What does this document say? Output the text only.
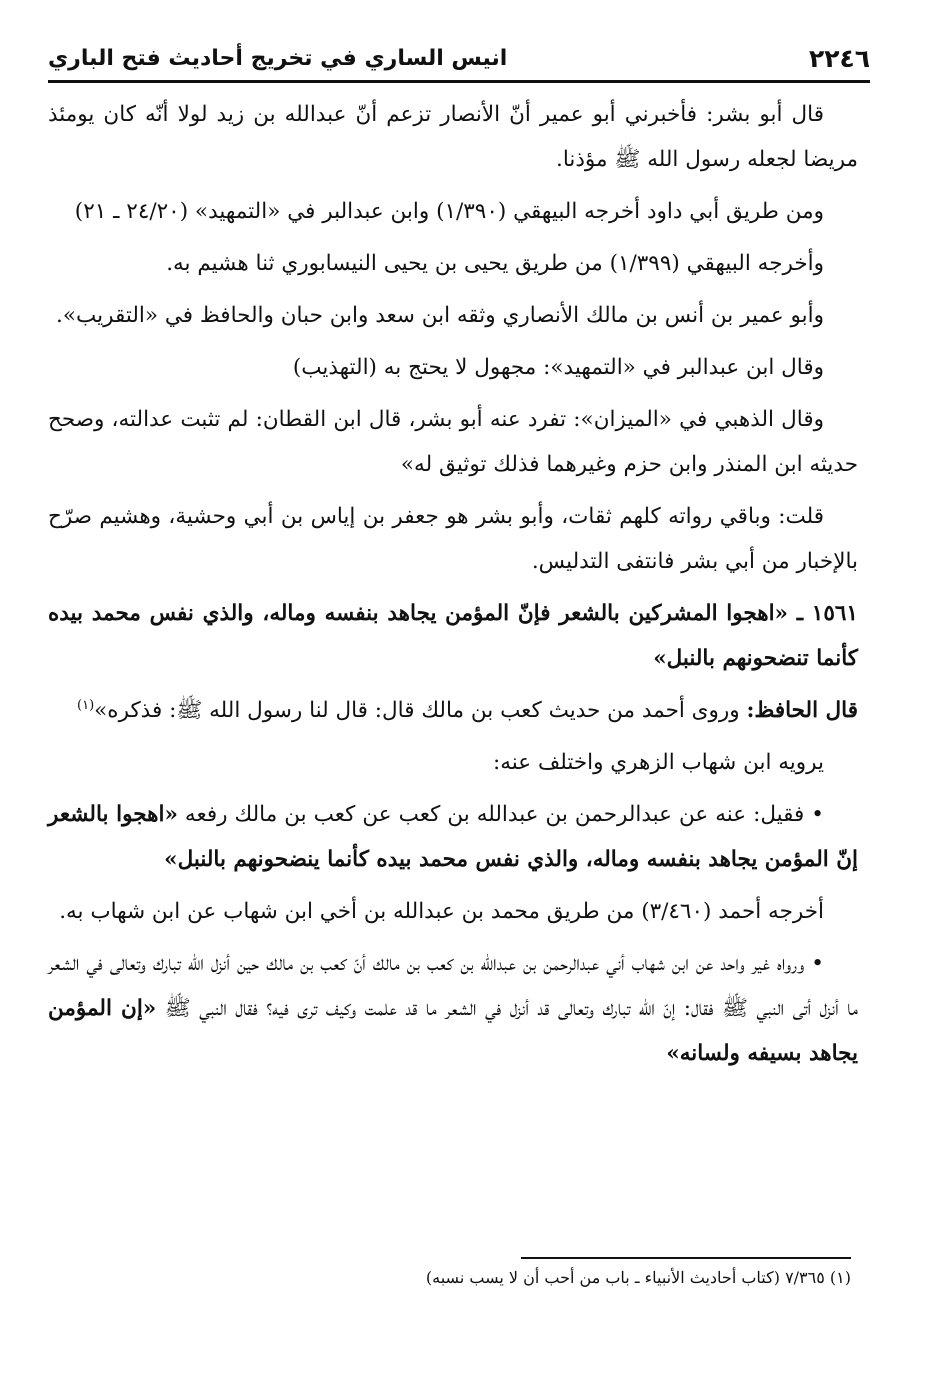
٢٢٤٦
انيس الساري في تخريج أحاديث فتح الباري

قال أبو بشر: فأخبرني أبو عمير أنّ الأنصار تزعم أنّ عبدالله بن زيد لولا أنّه كان يومئذ مريضا لجعله رسول الله ﷺ مؤذنا.

ومن طريق أبي داود أخرجه البيهقي (١/٣٩٠) وابن عبدالبر في «التمهيد» (٢٤/٢٠ ـ ٢١)

وأخرجه البيهقي (١/٣٩٩) من طريق يحيى بن يحيى النيسابوري ثنا هشيم به.

وأبو عمير بن أنس بن مالك الأنصاري وثقه ابن سعد وابن حبان والحافظ في «التقريب».

وقال ابن عبدالبر في «التمهيد»: مجهول لا يحتج به (التهذيب)

وقال الذهبي في «الميزان»: تفرد عنه أبو بشر، قال ابن القطان: لم تثبت عدالته، وصحح حديثه ابن المنذر وابن حزم وغيرهما فذلك توثيق له»

قلت: وباقي رواته كلهم ثقات، وأبو بشر هو جعفر بن إياس بن أبي وحشية، وهشيم صرّح بالإخبار من أبي بشر فانتفى التدليس.

١٥٦١ ـ «اهجوا المشركين بالشعر فإنّ المؤمن يجاهد بنفسه وماله، والذي نفس محمد بيده كأنما تنضحونهم بالنبل»

قال الحافظ: وروى أحمد من حديث كعب بن مالك قال: قال لنا رسول الله ﷺ: فذكره»$^{(١)}$

يرويه ابن شهاب الزهري واختلف عنه:

• فقيل: عنه عن عبدالرحمن بن عبدالله بن كعب عن كعب بن مالك رفعه «اهجوا بالشعر إنّ المؤمن يجاهد بنفسه وماله، والذي نفس محمد بيده كأنما ينضحونهم بالنبل»

أخرجه أحمد (٣/٤٦٠) من طريق محمد بن عبدالله بن أخي ابن شهاب عن ابن شهاب به.

• ورواه غير واحد عن ابن شهاب أني عبدالرحمن بن عبدالله بن كعب بن مالك أنّ كعب بن مالك حين أنزل الله تبارك وتعالى في الشعر ما أنزل أتى النبي ﷺ فقال: إنّ الله تبارك وتعالى قد أنزل في الشعر ما قد علمت وكيف ترى فيه؟ فقال النبي ﷺ «إن المؤمن يجاهد بسيفه ولسانه»

(١) ٧/٣٦٥ (كتاب أحاديث الأنبياء ـ باب من أحب أن لا يسب نسبه)
